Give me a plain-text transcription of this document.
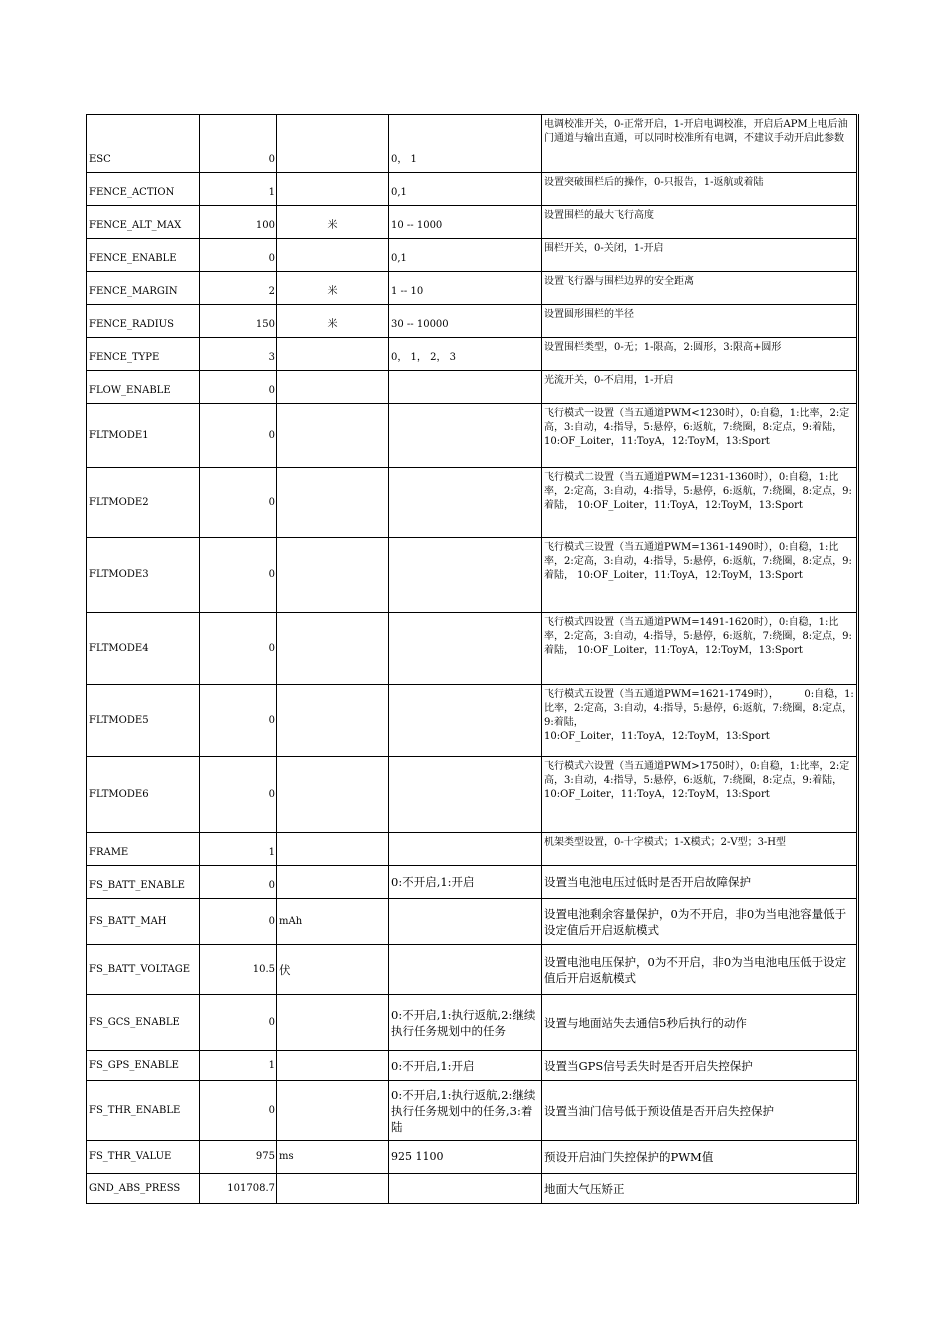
ESC	0		0， 1	电调校准开关，0-正常开启，1-开启电调校准，开启后APM上电后油门通道与输出直通，可以同时校准所有电调，不建议手动开启此参数
FENCE_ACTION	1		0,1	设置突破围栏后的操作，0-只报告，1-返航或着陆
FENCE_ALT_MAX	100	米	10 -- 1000	设置围栏的最大飞行高度
FENCE_ENABLE	0		0,1	围栏开关，0-关闭，1-开启
FENCE_MARGIN	2	米	1 -- 10	设置飞行器与围栏边界的安全距离
FENCE_RADIUS	150	米	30 -- 10000	设置圆形围栏的半径
FENCE_TYPE	3		0， 1， 2， 3	设置围栏类型，0-无；1-限高，2:圆形，3:限高+圆形
FLOW_ENABLE	0			光流开关，0-不启用，1-开启
FLTMODE1	0			飞行模式一设置（当五通道PWM<1230时），0:自稳，1:比率，2:定高，3:自动，4:指导，5:悬停，6:返航，7:绕圈，8:定点，9:着陆，10:OF_Loiter，11:ToyA，12:ToyM，13:Sport
FLTMODE2	0			飞行模式二设置（当五通道PWM=1231-1360时），0:自稳，1:比率，2:定高，3:自动，4:指导，5:悬停，6:返航，7:绕圈，8:定点，9:着陆， 10:OF_Loiter，11:ToyA，12:ToyM，13:Sport
FLTMODE3	0			飞行模式三设置（当五通道PWM=1361-1490时），0:自稳，1:比率，2:定高，3:自动，4:指导，5:悬停，6:返航，7:绕圈，8:定点，9:着陆， 10:OF_Loiter，11:ToyA，12:ToyM，13:Sport
FLTMODE4	0			飞行模式四设置（当五通道PWM=1491-1620时），0:自稳，1:比率，2:定高，3:自动，4:指导，5:悬停，6:返航，7:绕圈，8:定点，9:着陆， 10:OF_Loiter，11:ToyA，12:ToyM，13:Sport
FLTMODE5	0			飞行模式五设置（当五通道PWM=1621-1749时），        0:自稳，1:比率，2:定高，3:自动，4:指导，5:悬停，6:返航，7:绕圈，8:定点，9:着陆，
10:OF_Loiter，11:ToyA，12:ToyM，13:Sport
FLTMODE6	0			飞行模式六设置（当五通道PWM>1750时），0:自稳，1:比率，2:定高，3:自动，4:指导，5:悬停，6:返航，7:绕圈，8:定点，9:着陆，10:OF_Loiter，11:ToyA，12:ToyM，13:Sport
FRAME	1			机架类型设置，0-十字模式；1-X模式；2-V型；3-H型
FS_BATT_ENABLE	0		0:不开启,1:开启	设置当电池电压过低时是否开启故障保护
FS_BATT_MAH	0	mAh		设置电池剩余容量保护，0为不开启，非0为当电池容量低于设定值后开启返航模式
FS_BATT_VOLTAGE	10.5	伏		设置电池电压保护，0为不开启，非0为当电池电压低于设定值后开启返航模式
FS_GCS_ENABLE	0		0:不开启,1:执行返航,2:继续执行任务规划中的任务	设置与地面站失去通信5秒后执行的动作
FS_GPS_ENABLE	1		0:不开启,1:开启	设置当GPS信号丢失时是否开启失控保护
FS_THR_ENABLE	0		0:不开启,1:执行返航,2:继续执行任务规划中的任务,3:着陆	设置当油门信号低于预设值是否开启失控保护
FS_THR_VALUE	975	ms	925 1100	预设开启油门失控保护的PWM值
GND_ABS_PRESS	101708.7			地面大气压矫正
